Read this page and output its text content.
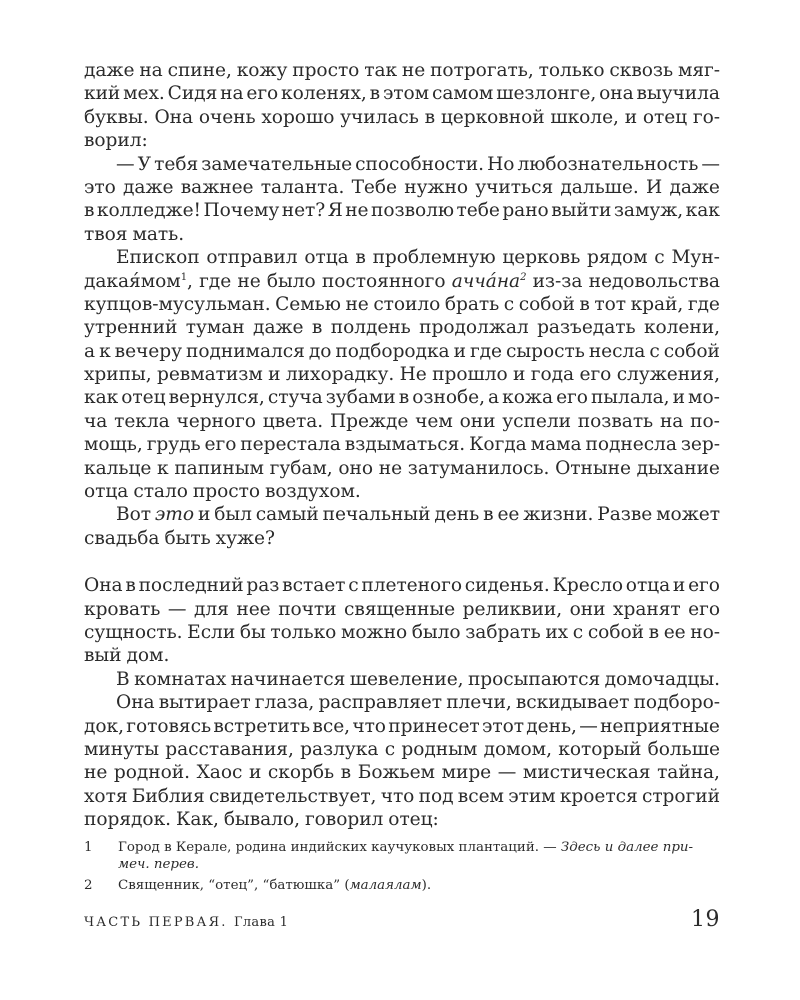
даже на спине, кожу просто так не потрогать, только сквозь мяг-
кий мех. Сидя на его коленях, в этом самом шезлонге, она выучила
буквы. Она очень хорошо училась в церковной школе, и отец го-
ворил:
— У тебя замечательные способности. Но любознательность —
это даже важнее таланта. Тебе нужно учиться дальше. И даже
в колледже! Почему нет? Я не позволю тебе рано выйти замуж, как
твоя мать.
Епископ отправил отца в проблемную церковь рядом с Мун-
дакая́мом$^1$, где не было постоянного $ачча́на^2$ из-за недовольства
купцов-мусульман. Семью не стоило брать с собой в тот край, где
утренний туман даже в полдень продолжал разъедать колени,
а к вечеру поднимался до подбородка и где сырость несла с собой
хрипы, ревматизм и лихорадку. Не прошло и года его служения,
как отец вернулся, стуча зубами в ознобе, а кожа его пылала, и мо-
ча текла черного цвета. Прежде чем они успели позвать на по-
мощь, грудь его перестала вздыматься. Когда мама поднесла зер-
кальце к папиным губам, оно не затуманилось. Отныне дыхание
отца стало просто воздухом.
Вот это и был самый печальный день в ее жизни. Разве может
свадьба быть хуже?
Она в последний раз встает с плетеного сиденья. Кресло отца и его
кровать — для нее почти священные реликвии, они хранят его
сущность. Если бы только можно было забрать их с собой в ее но-
вый дом.
В комнатах начинается шевеление, просыпаются домочадцы.
Она вытирает глаза, расправляет плечи, вскидывает подборо-
док, готовясь встретить все, что принесет этот день, — неприятные
минуты расставания, разлука с родным домом, который больше
не родной. Хаос и скорбь в Божьем мире — мистическая тайна,
хотя Библия свидетельствует, что под всем этим кроется строгий
порядок. Как, бывало, говорил отец:
1 Город в Керале, родина индийских каучуковых плантаций. — Здесь и далее при-
меч. перев.
2 Священник, “отец”, “батюшка” (малаялам).
ЧАСТЬ ПЕРВАЯ. Глава 1	19
